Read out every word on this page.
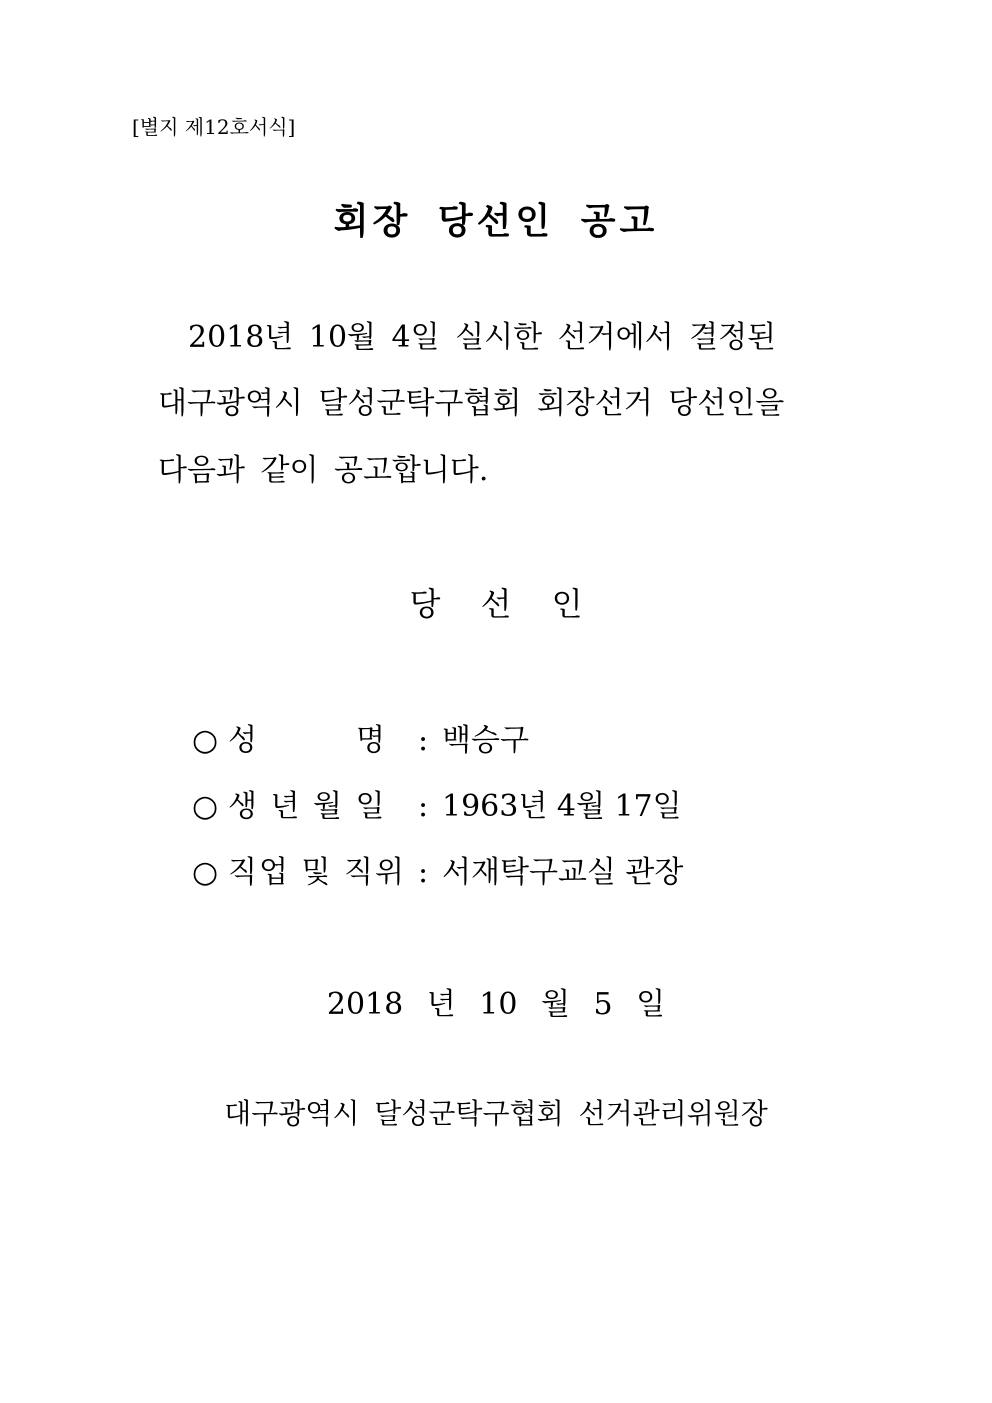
[별지 제12호서식]
회장 당선인 공고
2018년 10월 4일 실시한 선거에서 결정된
대구광역시 달성군탁구협회 회장선거 당선인을
다음과 같이 공고합니다.
당 선 인
○ 성	명 : 백승구
○ 생 년 월 일	: 1963년 4월 17일
○ 직업 및 직위 : 서재탁구교실 관장
2018 년 10 월 5 일
대구광역시 달성군탁구협회 선거관리위원장
